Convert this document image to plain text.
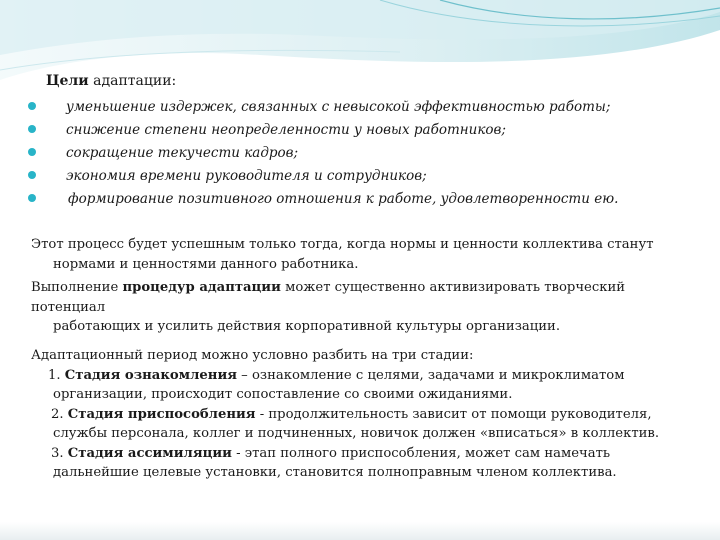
Цели адаптации:
уменьшение издержек, связанных с невысокой эффективностью работы;
снижение степени неопределенности у новых работников;
сокращение текучести кадров;
экономия времени руководителя и сотрудников;
формирование позитивного отношения к работе, удовлетворенности ею.
Этот процесс будет успешным только тогда, когда нормы и ценности коллектива станут
нормами и ценностями данного работника.
Выполнение процедур адаптации может существенно активизировать творческий потенциал
работающих и усилить действия корпоративной культуры организации.
Адаптационный период можно условно разбить на три стадии:
1. Стадия ознакомления – ознакомление с целями, задачами и микроклиматом
организации, происходит сопоставление со своими ожиданиями.
2. Стадия приспособления - продолжительность зависит от помощи руководителя,
службы персонала, коллег и подчиненных, новичок должен «вписаться» в коллектив.
3. Стадия ассимиляции - этап полного приспособления, может сам намечать
дальнейшие целевые установки, становится полноправным членом коллектива.
